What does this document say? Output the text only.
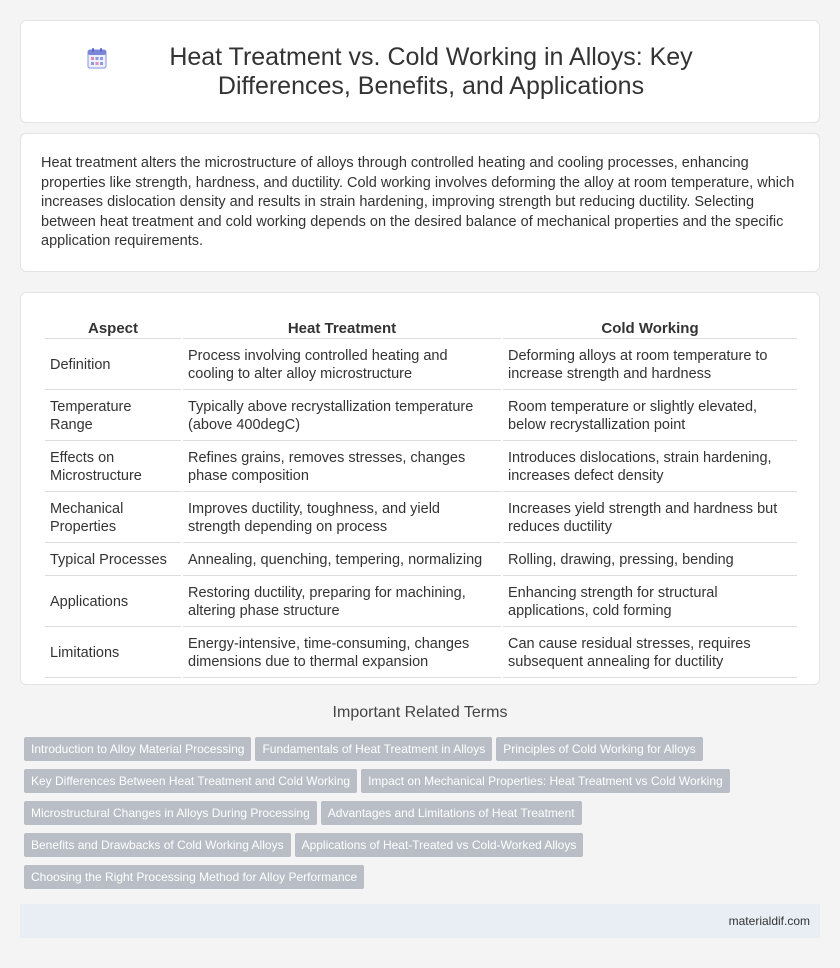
Heat Treatment vs. Cold Working in Alloys: Key Differences, Benefits, and Applications

Heat treatment alters the microstructure of alloys through controlled heating and cooling processes, enhancing properties like strength, hardness, and ductility. Cold working involves deforming the alloy at room temperature, which increases dislocation density and results in strain hardening, improving strength but reducing ductility. Selecting between heat treatment and cold working depends on the desired balance of mechanical properties and the specific application requirements.

Aspect	Heat Treatment	Cold Working
Definition	Process involving controlled heating and cooling to alter alloy microstructure	Deforming alloys at room temperature to increase strength and hardness
Temperature Range	Typically above recrystallization temperature (above 400degC)	Room temperature or slightly elevated, below recrystallization point
Effects on Microstructure	Refines grains, removes stresses, changes phase composition	Introduces dislocations, strain hardening, increases defect density
Mechanical Properties	Improves ductility, toughness, and yield strength depending on process	Increases yield strength and hardness but reduces ductility
Typical Processes	Annealing, quenching, tempering, normalizing	Rolling, drawing, pressing, bending
Applications	Restoring ductility, preparing for machining, altering phase structure	Enhancing strength for structural applications, cold forming
Limitations	Energy-intensive, time-consuming, changes dimensions due to thermal expansion	Can cause residual stresses, requires subsequent annealing for ductility
Important Related Terms
Introduction to Alloy Material Processing Fundamentals of Heat Treatment in Alloys Principles of Cold Working for Alloys
Key Differences Between Heat Treatment and Cold Working Impact on Mechanical Properties: Heat Treatment vs Cold Working
Microstructural Changes in Alloys During Processing Advantages and Limitations of Heat Treatment
Benefits and Drawbacks of Cold Working Alloys Applications of Heat-Treated vs Cold-Worked Alloys
Choosing the Right Processing Method for Alloy Performance
materialdif.com
